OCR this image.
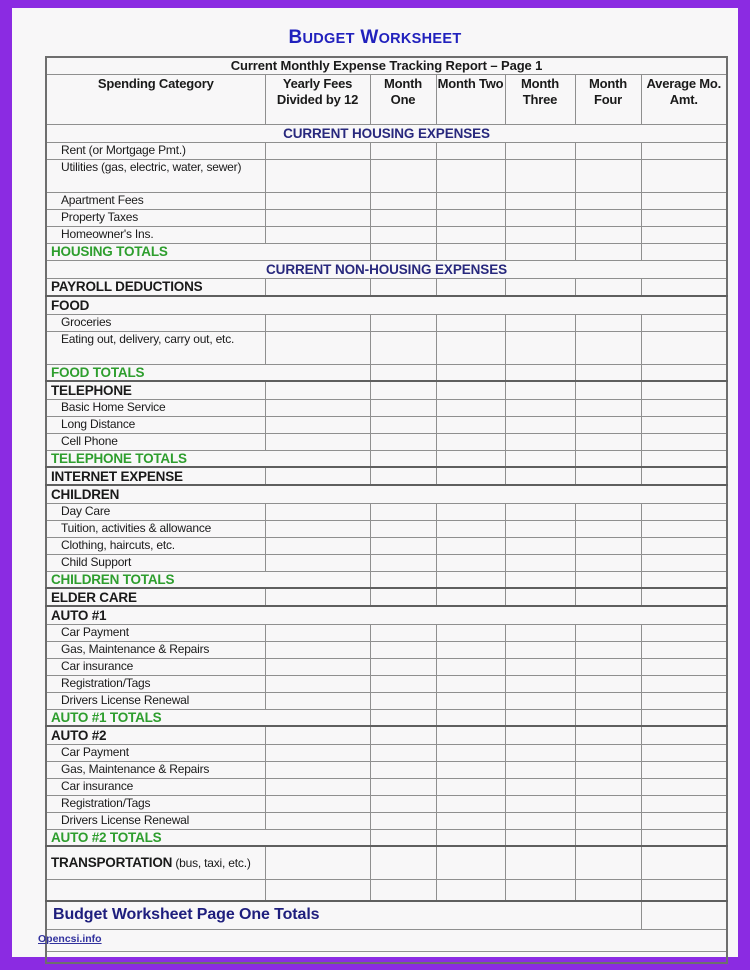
BUDGET WORKSHEET
Current Monthly Expense Tracking Report – Page 1						
Spending Category	Yearly Fees Divided by 12	Month One	Month Two	Month Three	Month Four	Average Mo. Amt.
CURRENT HOUSING EXPENSES						
Rent (or Mortgage Pmt.)						
Utilities (gas, electric, water, sewer)						
Apartment Fees						
Property Taxes						
Homeowner's Ins.						
HOUSING TOTALS						
CURRENT NON-HOUSING EXPENSES						
PAYROLL DEDUCTIONS						
FOOD						
Groceries						
Eating out, delivery, carry out, etc.						
FOOD TOTALS						
TELEPHONE						
Basic Home Service						
Long Distance						
Cell Phone						
TELEPHONE TOTALS						
INTERNET EXPENSE						
CHILDREN						
Day Care						
Tuition, activities & allowance						
Clothing, haircuts, etc.						
Child Support						
CHILDREN TOTALS						
ELDER CARE						
AUTO #1						
Car Payment						
Gas, Maintenance & Repairs						
Car insurance						
Registration/Tags						
Drivers License Renewal						
AUTO #1 TOTALS						
AUTO #2						
Car Payment						
Gas, Maintenance & Repairs						
Car insurance						
Registration/Tags						
Drivers License Renewal						
AUTO #2 TOTALS						
TRANSPORTATION (bus, taxi, etc.)						

Budget Worksheet Page One Totals						

Opencsi.info
